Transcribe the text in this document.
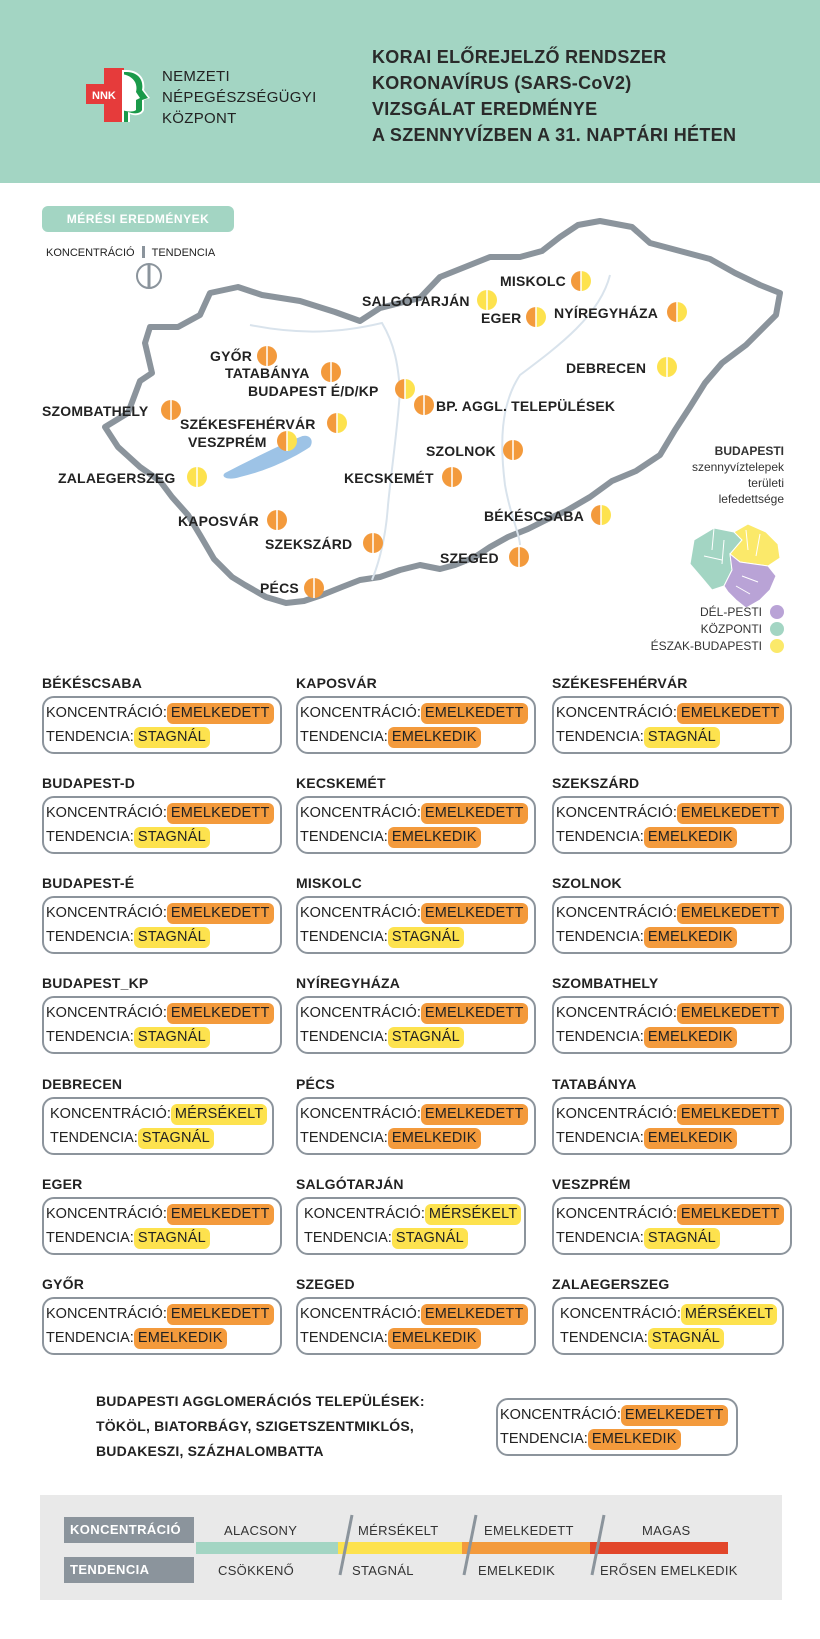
NNK
NEMZETI
NÉPEGÉSZSÉGÜGYI
KÖZPONT
KORAI ELŐREJELZŐ RENDSZER
KORONAVÍRUS (SARS-CoV2)
VIZSGÁLAT EREDMÉNYE
A SZENNYVÍZBEN A 31. NAPTÁRI HÉTEN
MÉRÉSI EREDMÉNYEK
KONCENTRÁCIÓ TENDENCIA
MISKOLC
SALGÓTARJÁN
EGER NYÍREGYHÁZA
GYŐR
TATABÁNYA
BUDAPEST É/D/KP
DEBRECEN
BP. AGGL. TELEPÜLÉSEK
SZOMBATHELY
SZÉKESFEHÉRVÁR
VESZPRÉM
SZOLNOK
ZALAEGERSZEG	KECSKEMÉT
BÉKÉSCSABA
KAPOSVÁR
SZEKSZÁRD
SZEGED
PÉCS
BUDAPESTI
szennyvíztelepek
területi
lefedettsége
DÉL-PESTI
KÖZPONTI
ÉSZAK-BUDAPESTI
BÉKÉSCSABA
KONCENTRÁCIÓ: EMELKEDETT
TENDENCIA: STAGNÁL
KAPOSVÁR
KONCENTRÁCIÓ: EMELKEDETT
TENDENCIA: EMELKEDIK
SZÉKESFEHÉRVÁR
KONCENTRÁCIÓ: EMELKEDETT
TENDENCIA: STAGNÁL
BUDAPEST-D
KONCENTRÁCIÓ: EMELKEDETT
TENDENCIA: STAGNÁL
KECSKEMÉT
KONCENTRÁCIÓ: EMELKEDETT
TENDENCIA: EMELKEDIK
SZEKSZÁRD
KONCENTRÁCIÓ: EMELKEDETT
TENDENCIA: EMELKEDIK
BUDAPEST-É
KONCENTRÁCIÓ: EMELKEDETT
TENDENCIA: STAGNÁL
MISKOLC
KONCENTRÁCIÓ: EMELKEDETT
TENDENCIA: STAGNÁL
SZOLNOK
KONCENTRÁCIÓ: EMELKEDETT
TENDENCIA: EMELKEDIK
BUDAPEST_KP
KONCENTRÁCIÓ: EMELKEDETT
TENDENCIA: STAGNÁL
NYÍREGYHÁZA
KONCENTRÁCIÓ: EMELKEDETT
TENDENCIA: STAGNÁL
SZOMBATHELY
KONCENTRÁCIÓ: EMELKEDETT
TENDENCIA: EMELKEDIK
DEBRECEN
KONCENTRÁCIÓ: MÉRSÉKELT
TENDENCIA: STAGNÁL
PÉCS
KONCENTRÁCIÓ: EMELKEDETT
TENDENCIA: EMELKEDIK
TATABÁNYA
KONCENTRÁCIÓ: EMELKEDETT
TENDENCIA: EMELKEDIK
EGER
KONCENTRÁCIÓ: EMELKEDETT
TENDENCIA: STAGNÁL
SALGÓTARJÁN
KONCENTRÁCIÓ: MÉRSÉKELT
TENDENCIA: STAGNÁL
VESZPRÉM
KONCENTRÁCIÓ: EMELKEDETT
TENDENCIA: STAGNÁL
GYŐR
KONCENTRÁCIÓ: EMELKEDETT
TENDENCIA: EMELKEDIK
SZEGED
KONCENTRÁCIÓ: EMELKEDETT
TENDENCIA: EMELKEDIK
ZALAEGERSZEG
KONCENTRÁCIÓ: MÉRSÉKELT
TENDENCIA: STAGNÁL
BUDAPESTI AGGLOMERÁCIÓS TELEPÜLÉSEK:
TÖKÖL, BIATORBÁGY, SZIGETSZENTMIKLÓS,
BUDAKESZI, SZÁZHALOMBATTA
KONCENTRÁCIÓ: EMELKEDETT
TENDENCIA: EMELKEDIK
KONCENTRÁCIÓ
TENDENCIA
ALACSONY	MÉRSÉKELT	EMELKEDETT	MAGAS
CSÖKKENŐ	STAGNÁL	EMELKEDIK	ERŐSEN EMELKEDIK
